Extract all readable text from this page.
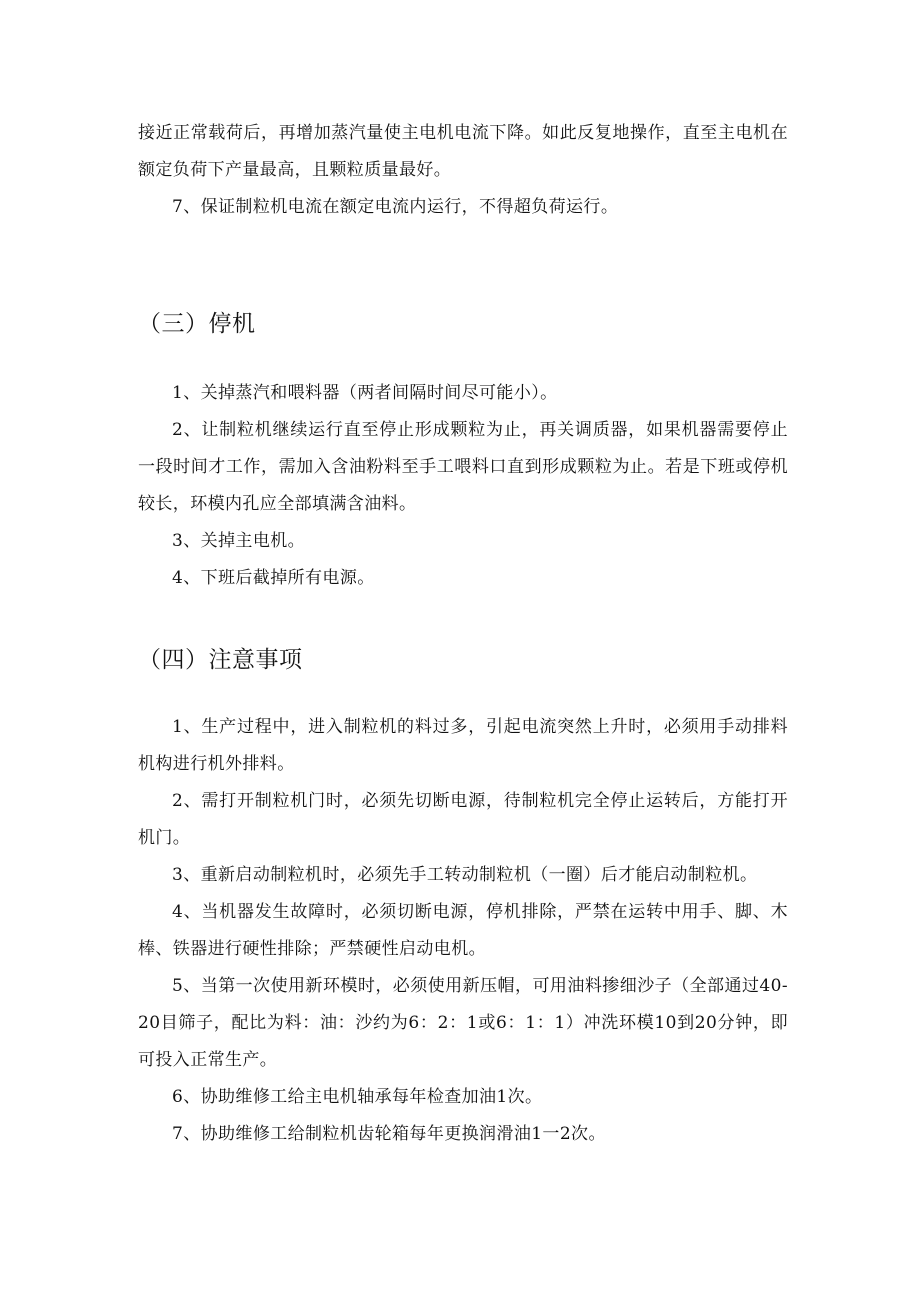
接近正常载荷后，再增加蒸汽量使主电机电流下降。如此反复地操作，直至主电机在额定负荷下产量最高，且颗粒质量最好。
7、保证制粒机电流在额定电流内运行，不得超负荷运行。
（三）停机
1、关掉蒸汽和喂料器（两者间隔时间尽可能小）。
2、让制粒机继续运行直至停止形成颗粒为止，再关调质器，如果机器需要停止一段时间才工作，需加入含油粉料至手工喂料口直到形成颗粒为止。若是下班或停机较长，环模内孔应全部填满含油料。
3、关掉主电机。
4、下班后截掉所有电源。
（四）注意事项
1、生产过程中，进入制粒机的料过多，引起电流突然上升时，必须用手动排料机构进行机外排料。
2、需打开制粒机门时，必须先切断电源，待制粒机完全停止运转后，方能打开机门。
3、重新启动制粒机时，必须先手工转动制粒机（一圈）后才能启动制粒机。
4、当机器发生故障时，必须切断电源，停机排除，严禁在运转中用手、脚、木棒、铁器进行硬性排除；严禁硬性启动电机。
5、当第一次使用新环模时，必须使用新压帽，可用油料掺细沙子（全部通过40-20目筛子，配比为料：油：沙约为6：2：1或6：1：1）冲洗环模10到20分钟，即可投入正常生产。
6、协助维修工给主电机轴承每年检查加油1次。
7、协助维修工给制粒机齿轮箱每年更换润滑油1一2次。
